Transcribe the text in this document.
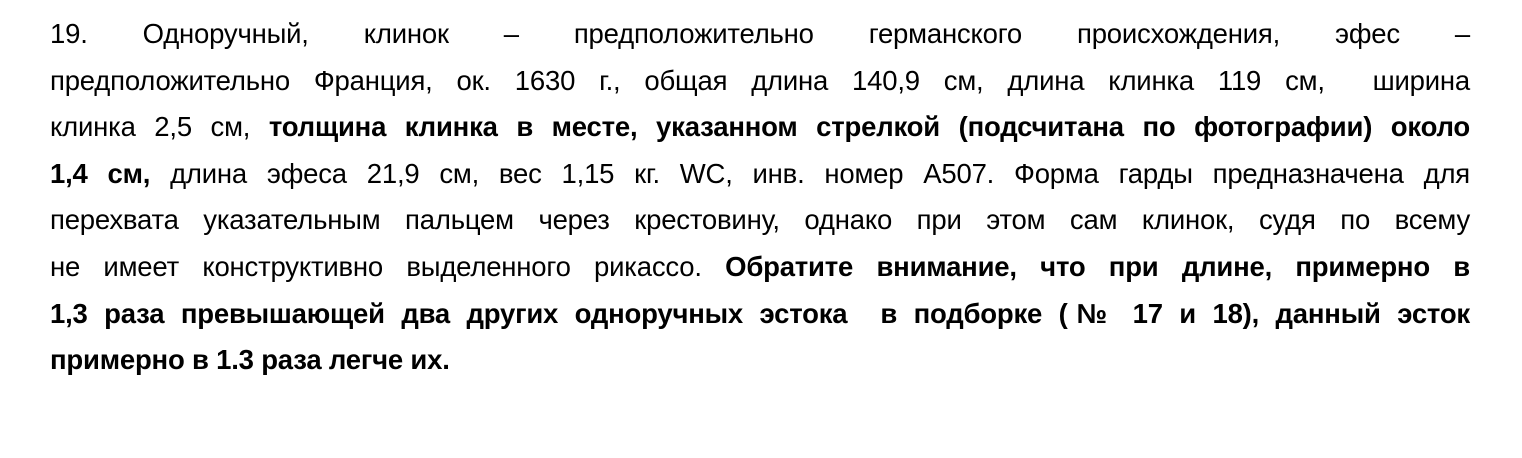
19. Одноручный, клинок – предположительно германского происхождения, эфес –
предположительно Франция, ок. 1630 г., общая длина 140,9 см, длина клинка 119 см,  ширина
клинка 2,5 см, толщина клинка в месте, указанном стрелкой (подсчитана по фотографии) около
1,4 см, длина эфеса 21,9 см, вес 1,15 кг. WC, инв. номер A507. Форма гарды предназначена для
перехвата указательным пальцем через крестовину, однако при этом сам клинок, судя по всему
не имеет конструктивно выделенного рикассо. Обратите внимание, что при длине, примерно в
1,3 раза превышающей два других одноручных эстока  в подборке (№ 17 и 18), данный эсток
примерно в 1.3 раза легче их.
